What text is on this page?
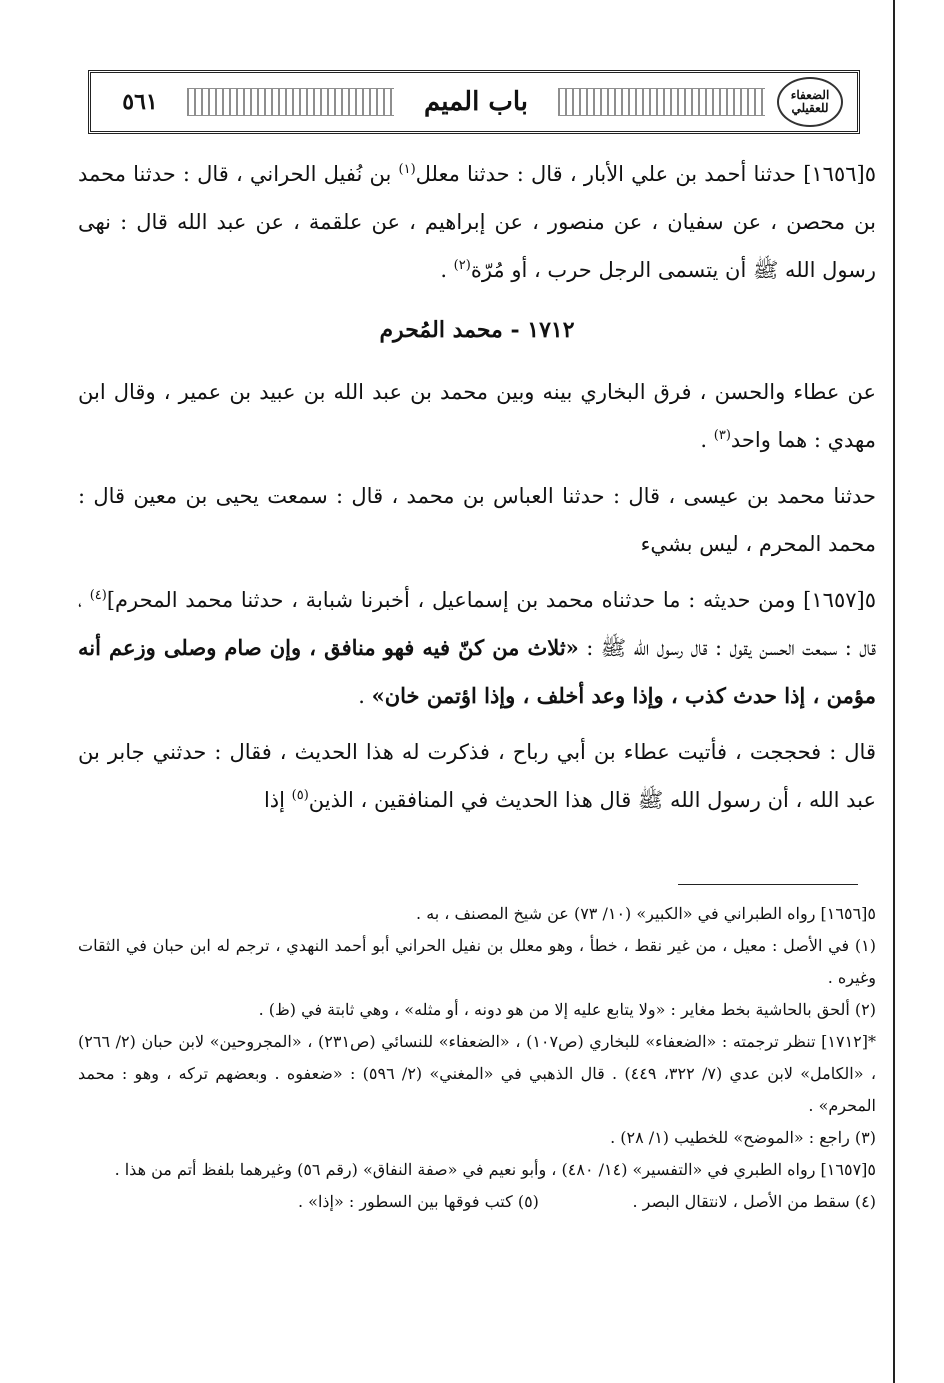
٥٦١	باب الميم	الضعفاء للعقيلي

٥[١٦٥٦] حدثنا أحمد بن علي الأبار ، قال : حدثنا معلل$^{(١)}$ بن نُفيل الحراني ، قال : حدثنا محمد بن محصن ، عن سفيان ، عن منصور ، عن إبراهيم ، عن علقمة ، عن عبد الله قال : نهى رسول الله ﷺ أن يتسمى الرجل حرب ، أو مُرّة$^{(٢)}$ .

١٧١٢ - محمد المُحرم

عن عطاء والحسن ، فرق البخاري بينه وبين محمد بن عبد الله بن عبيد بن عمير ، وقال ابن مهدي : هما واحد$^{(٣)}$ .

حدثنا محمد بن عيسى ، قال : حدثنا العباس بن محمد ، قال : سمعت يحيى بن معين قال : محمد المحرم ، ليس بشيء

٥[١٦٥٧] ومن حديثه : ما حدثناه محمد بن إسماعيل ، أخبرنا شبابة ، حدثنا محمد المحرم]$^{(٤)}$ ، قال : سمعت الحسن يقول : قال رسول الله ﷺ : «ثلاث من كنّ فيه فهو منافق ، وإن صام وصلى وزعم أنه مؤمن ، إذا حدث كذب ، وإذا وعد أخلف ، وإذا اؤتمن خان» .

قال : فحججت ، فأتيت عطاء بن أبي رباح ، فذكرت له هذا الحديث ، فقال : حدثني جابر بن عبد الله ، أن رسول الله ﷺ قال هذا الحديث في المنافقين ، الذين$^{(٥)}$ إذا

٥[١٦٥٦] رواه الطبراني في «الكبير» (١٠/ ٧٣) عن شيخ المصنف ، به .

(١) في الأصل : معيل ، من غير نقط ، خطأ ، وهو معلل بن نفيل الحراني أبو أحمد النهدي ، ترجم له ابن حبان في الثقات وغيره .

(٢) ألحق بالحاشية بخط مغاير : «ولا يتابع عليه إلا من هو دونه ، أو مثله» ، وهي ثابتة في (ظ) .

*[١٧١٢] تنظر ترجمته : «الضعفاء» للبخاري (ص١٠٧) ، «الضعفاء» للنسائي (ص٢٣١) ، «المجروحين» لابن حبان (٢/ ٢٦٦) ، «الكامل» لابن عدي (٧/ ٣٢٢، ٤٤٩) . قال الذهبي في «المغني» (٢/ ٥٩٦) : «ضعفوه . وبعضهم تركه ، وهو : محمد المحرم» .

(٣) راجع : «الموضح» للخطيب (١/ ٢٨) .

٥[١٦٥٧] رواه الطبري في «التفسير» (١٤/ ٤٨٠) ، وأبو نعيم في «صفة النفاق» (رقم ٥٦) وغيرهما بلفظ أتم من هذا .

(٤) سقط من الأصل ، لانتقال البصر .
(٥) كتب فوقها بين السطور : «إذا» .
